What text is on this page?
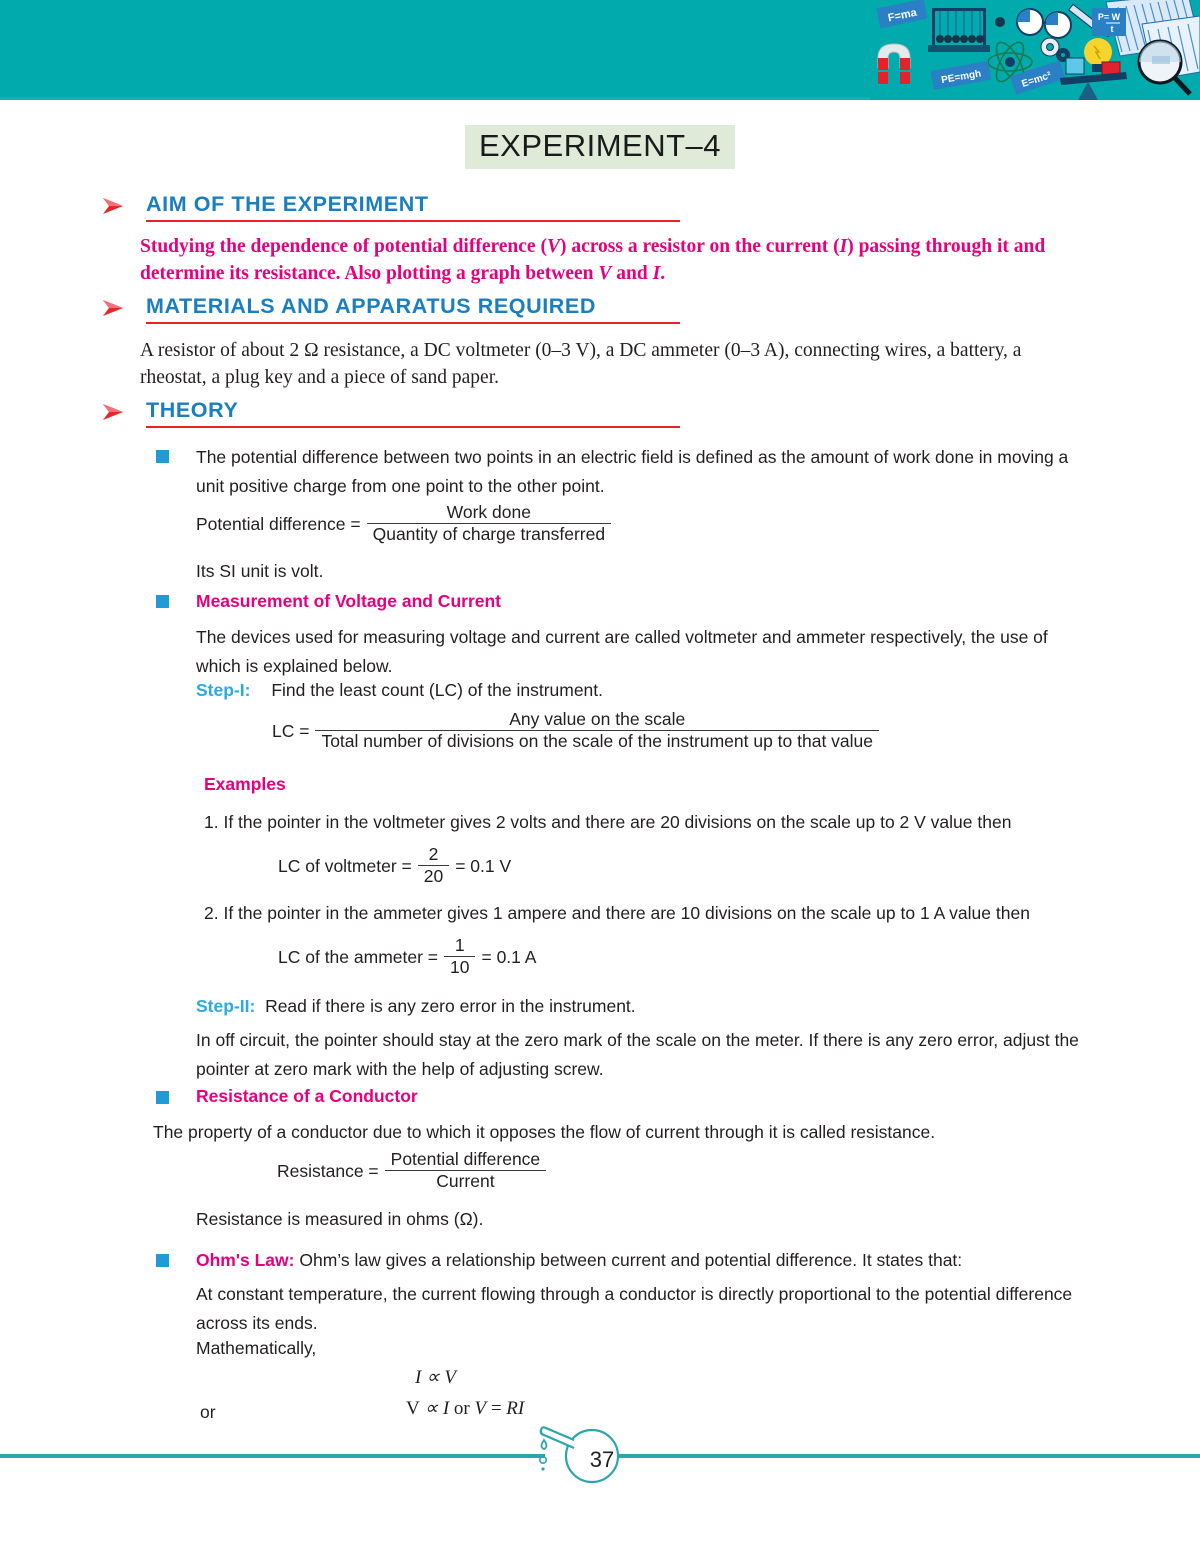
F=ma	P= W
t
PE=mgh	E=mc²
EXPERIMENT–4
AIM OF THE EXPERIMENT
Studying the dependence of potential difference (V) across a resistor on the current (I) passing through it and determine its resistance. Also plotting a graph between V and I.
MATERIALS AND APPARATUS REQUIRED
A resistor of about 2 Ω resistance, a DC voltmeter (0–3 V), a DC ammeter (0–3 A), connecting wires, a battery, a
rheostat, a plug key and a piece of sand paper.
THEORY
The potential difference between two points in an electric field is defined as the amount of work done in moving a
unit positive charge from one point to the other point.
Potential difference = $\frac{\text{Work done}}{\text{Quantity of charge transferred}}$
Its SI unit is volt.
Measurement of Voltage and Current
The devices used for measuring voltage and current are called voltmeter and ammeter respectively, the use of
which is explained below.
Step-I: Find the least count (LC) of the instrument.
LC =
Any value on the scale
Total number of divisions on the scale of the instrument up to that value
Examples
1. If the pointer in the voltmeter gives 2 volts and there are 20 divisions on the scale up to 2 V value then
LC of voltmeter = $\frac{2}{20} = 0.1$ V
2. If the pointer in the ammeter gives 1 ampere and there are 10 divisions on the scale up to 1 A value then
LC of the ammeter = $\frac{1}{10} = 0.1$ A
Step-II: Read if there is any zero error in the instrument.
In off circuit, the pointer should stay at the zero mark of the scale on the meter. If there is any zero error, adjust the
pointer at zero mark with the help of adjusting screw.
Resistance of a Conductor
The property of a conductor due to which it opposes the flow of current through it is called resistance.
Resistance = $\frac{\text{Potential difference}}{\text{Current}}$
Resistance is measured in ohms (Ω).
Ohm's Law: Ohm’s law gives a relationship between current and potential difference. It states that:
At constant temperature, the current flowing through a conductor is directly proportional to the potential difference
across its ends.
Mathematically,
I ∝ V
or	V ∝ I or V = RI
37
